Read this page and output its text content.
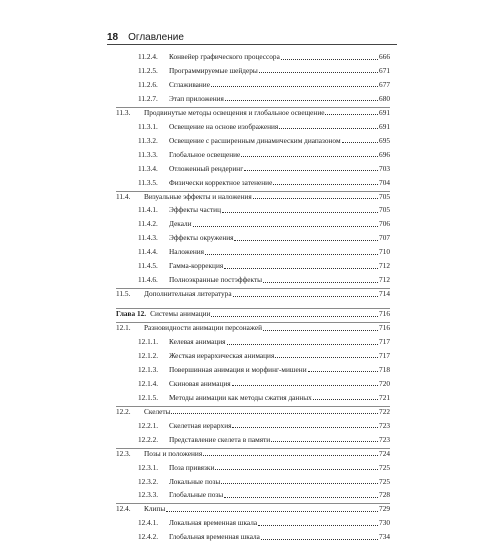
18 Оглавление
11.2.4.	Конвейер графического процессора	666
11.2.5.	Программируемые шейдеры	671
11.2.6.	Сглаживание	677
11.2.7.	Этап приложения	680
11.3.	Продвинутые методы освещения и глобальное освещение	691
11.3.1.	Освещение на основе изображения	691
11.3.2.	Освещение с расширенным динамическим диапазоном	695
11.3.3.	Глобальное освещение	696
11.3.4.	Отложенный рендеринг	703
11.3.5.	Физически корректное затенение	704
11.4.	Визуальные эффекты и наложения	705
11.4.1.	Эффекты частиц	705
11.4.2.	Декали	706
11.4.3.	Эффекты окружения	707
11.4.4.	Наложения	710
11.4.5.	Гамма-коррекция	712
11.4.6.	Полноэкранные постэффекты	712
11.5.	Дополнительная литература	714
Глава 12. Системы анимации	716
12.1.	Разновидности анимации персонажей	716
12.1.1.	Келевая анимация	717
12.1.2.	Жесткая иерархическая анимация	717
12.1.3.	Повершинная анимация и морфинг-мишени	718
12.1.4.	Скиновая анимация	720
12.1.5.	Методы анимации как методы сжатия данных	721
12.2.	Скелеты	722
12.2.1.	Скелетная иерархия	723
12.2.2.	Представление скелета в памяти	723
12.3.	Позы и положения	724
12.3.1.	Поза привязки	725
12.3.2.	Локальные позы	725
12.3.3.	Глобальные позы	728
12.4.	Клипы	729
12.4.1.	Локальная временная шкала	730
12.4.2.	Глобальная временная шкала	734
